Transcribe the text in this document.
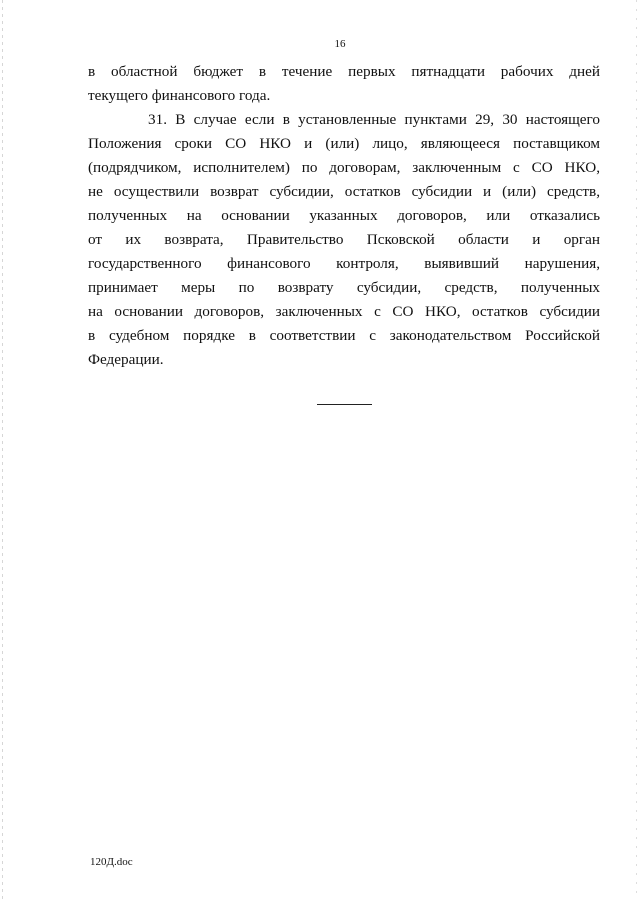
16
в областной бюджет в течение первых пятнадцати рабочих дней
текущего финансового года.
31. В случае если в установленные пунктами 29, 30 настоящего
Положения сроки СО НКО и (или) лицо, являющееся поставщиком
(подрядчиком, исполнителем) по договорам, заключенным с СО НКО,
не осуществили возврат субсидии, остатков субсидии и (или) средств,
полученных на основании указанных договоров, или отказались
от их возврата, Правительство Псковской области и орган
государственного финансового контроля, выявивший нарушения,
принимает меры по возврату субсидии, средств, полученных
на основании договоров, заключенных с СО НКО, остатков субсидии
в судебном порядке в соответствии с законодательством Российской
Федерации.
120Д.doc
